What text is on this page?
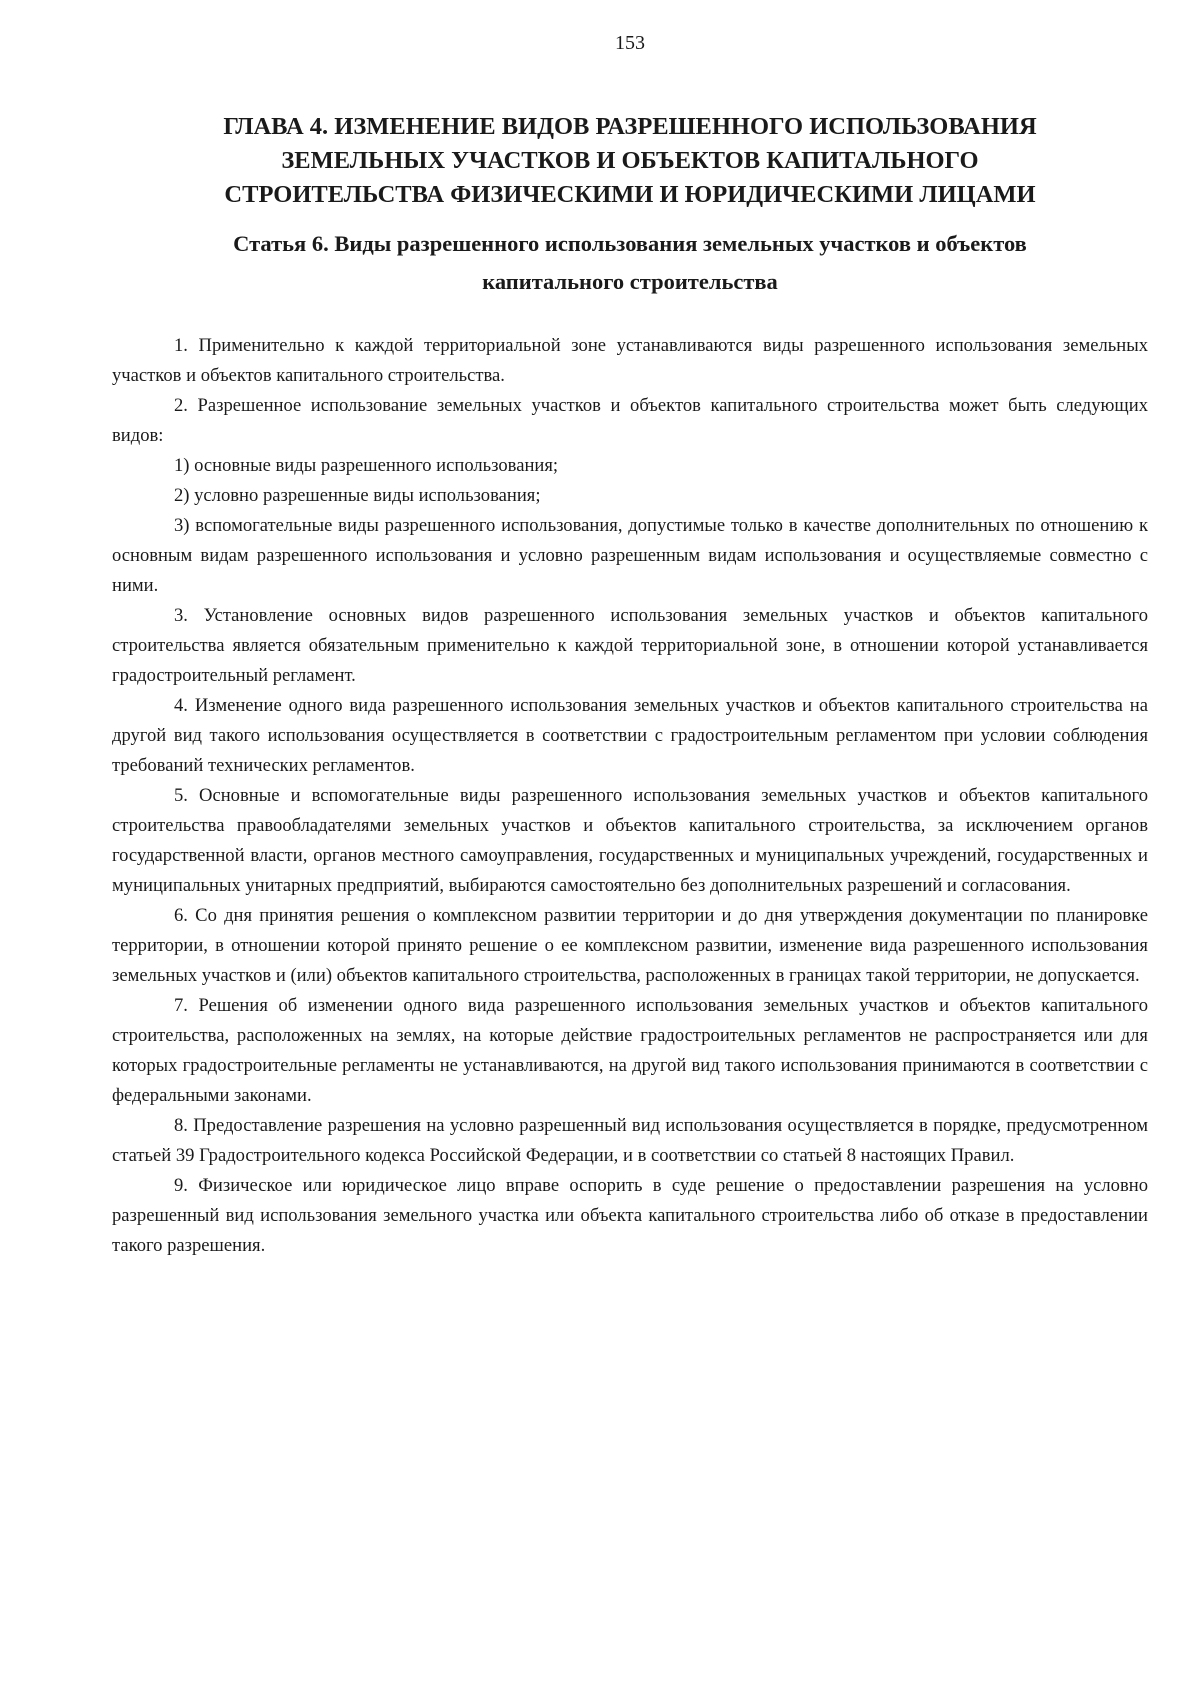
153
ГЛАВА 4. ИЗМЕНЕНИЕ ВИДОВ РАЗРЕШЕННОГО ИСПОЛЬЗОВАНИЯ
ЗЕМЕЛЬНЫХ УЧАСТКОВ И ОБЪЕКТОВ КАПИТАЛЬНОГО
СТРОИТЕЛЬСТВА ФИЗИЧЕСКИМИ И ЮРИДИЧЕСКИМИ ЛИЦАМИ
Статья 6. Виды разрешенного использования земельных участков и объектов
капитального строительства

1. Применительно к каждой территориальной зоне устанавливаются виды разрешенного использования земельных участков и объектов капитального строительства.

2. Разрешенное использование земельных участков и объектов капитального строительства может быть следующих видов:

1) основные виды разрешенного использования;

2) условно разрешенные виды использования;

3) вспомогательные виды разрешенного использования, допустимые только в качестве дополнительных по отношению к основным видам разрешенного использования и условно разрешенным видам использования и осуществляемые совместно с ними.

3. Установление основных видов разрешенного использования земельных участков и объектов капитального строительства является обязательным применительно к каждой территориальной зоне, в отношении которой устанавливается градостроительный регламент.

4. Изменение одного вида разрешенного использования земельных участков и объектов капитального строительства на другой вид такого использования осуществляется в соответствии с градостроительным регламентом при условии соблюдения требований технических регламентов.

5. Основные и вспомогательные виды разрешенного использования земельных участков и объектов капитального строительства правообладателями земельных участков и объектов капитального строительства, за исключением органов государственной власти, органов местного самоуправления, государственных и муниципальных учреждений, государственных и муниципальных унитарных предприятий, выбираются самостоятельно без дополнительных разрешений и согласования.

6. Со дня принятия решения о комплексном развитии территории и до дня утверждения документации по планировке территории, в отношении которой принято решение о ее комплексном развитии, изменение вида разрешенного использования земельных участков и (или) объектов капитального строительства, расположенных в границах такой территории, не допускается.

7. Решения об изменении одного вида разрешенного использования земельных участков и объектов капитального строительства, расположенных на землях, на которые действие градостроительных регламентов не распространяется или для которых градостроительные регламенты не устанавливаются, на другой вид такого использования принимаются в соответствии с федеральными законами.

8. Предоставление разрешения на условно разрешенный вид использования осуществляется в порядке, предусмотренном статьей 39 Градостроительного кодекса Российской Федерации, и в соответствии со статьей 8 настоящих Правил.

9. Физическое или юридическое лицо вправе оспорить в суде решение о предоставлении разрешения на условно разрешенный вид использования земельного участка или объекта капитального строительства либо об отказе в предоставлении такого разрешения.
